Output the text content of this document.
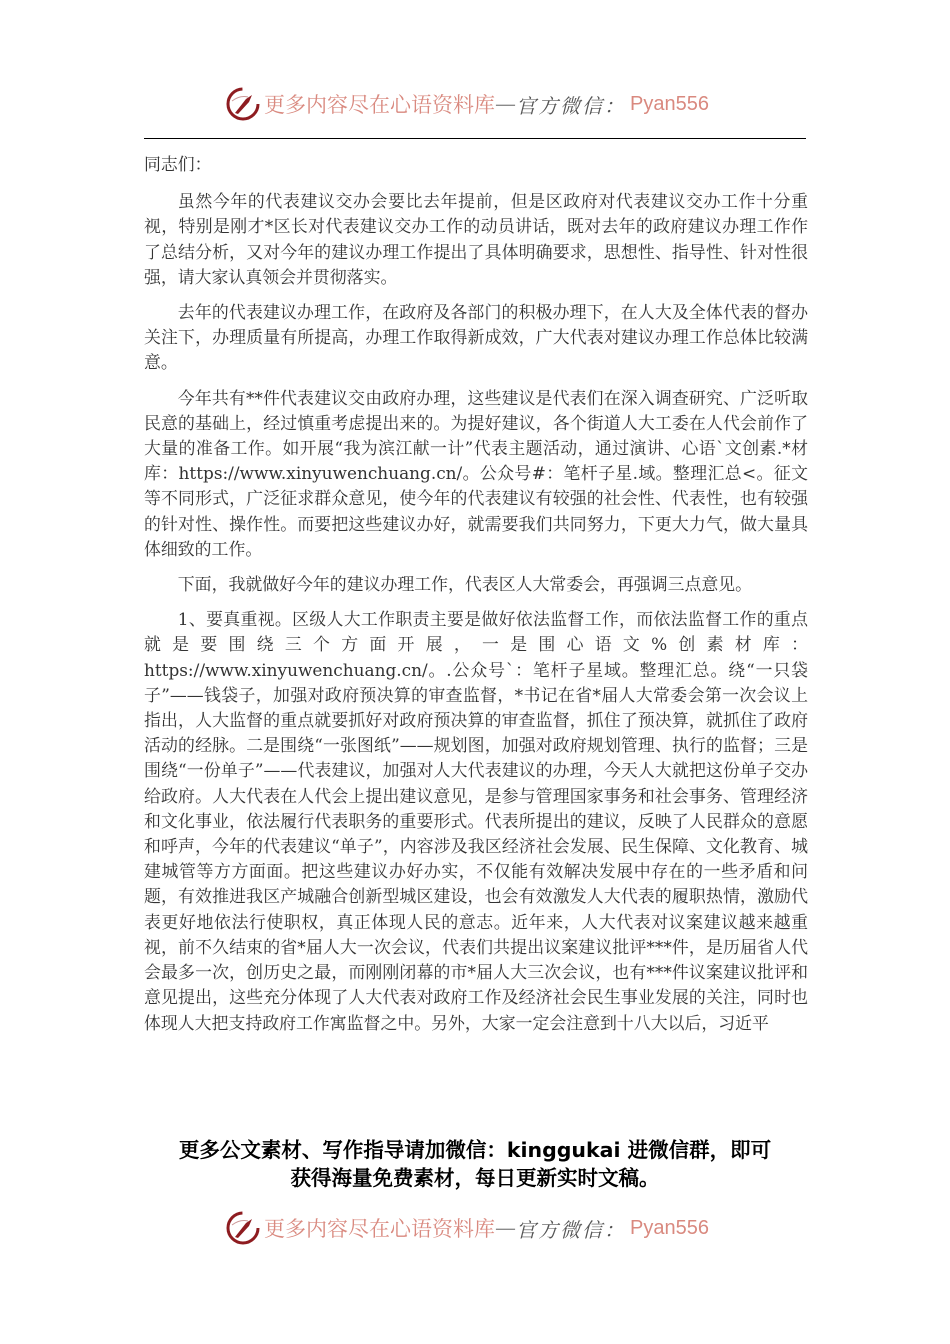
更多内容尽在心语资料库 — 官方微信： Pyan556

同志们：

虽然今年的代表建议交办会要比去年提前，但是区政府对代表建议交办工作十分重视，特别是刚才*区长对代表建议交办工作的动员讲话，既对去年的政府建议办理工作作了总结分析，又对今年的建议办理工作提出了具体明确要求，思想性、指导性、针对性很强，请大家认真领会并贯彻落实。

去年的代表建议办理工作，在政府及各部门的积极办理下，在人大及全体代表的督办关注下，办理质量有所提高，办理工作取得新成效，广大代表对建议办理工作总体比较满意。

今年共有**件代表建议交由政府办理，这些建议是代表们在深入调查研究、广泛听取民意的基础上，经过慎重考虑提出来的。为提好建议，各个街道人大工委在人代会前作了大量的准备工作。如开展“我为滨江献一计”代表主题活动，通过演讲、心语`文创素.*材库：https://www.xinyuwenchuang.cn/。公众号#：笔杆子星.域。整理汇总<。征文等不同形式，广泛征求群众意见，使今年的代表建议有较强的社会性、代表性，也有较强的针对性、操作性。而要把这些建议办好，就需要我们共同努力，下更大力气，做大量具体细致的工作。

下面，我就做好今年的建议办理工作，代表区人大常委会，再强调三点意见。

1、要真重视。区级人大工作职责主要是做好依法监督工作，而依法监督工作的重点就是要围绕三个方面开展，一是围心语文%创素材库：https://www.xinyuwenchuang.cn/。.公众号`：笔杆子星域。整理汇总。绕“一只袋子”——钱袋子，加强对政府预决算的审查监督，*书记在省*届人大常委会第一次会议上指出，人大监督的重点就要抓好对政府预决算的审查监督，抓住了预决算，就抓住了政府活动的经脉。二是围绕“一张图纸”——规划图，加强对政府规划管理、执行的监督；三是围绕“一份单子”——代表建议，加强对人大代表建议的办理，今天人大就把这份单子交办给政府。人大代表在人代会上提出建议意见，是参与管理国家事务和社会事务、管理经济和文化事业，依法履行代表职务的重要形式。代表所提出的建议，反映了人民群众的意愿和呼声，今年的代表建议“单子”，内容涉及我区经济社会发展、民生保障、文化教育、城建城管等方方面面。把这些建议办好办实，不仅能有效解决发展中存在的一些矛盾和问题，有效推进我区产城融合创新型城区建设，也会有效激发人大代表的履职热情，激励代表更好地依法行使职权，真正体现人民的意志。近年来，人大代表对议案建议越来越重视，前不久结束的省*届人大一次会议，代表们共提出议案建议批评***件，是历届省人代会最多一次，创历史之最，而刚刚闭幕的市*届人大三次会议，也有***件议案建议批评和意见提出，这些充分体现了人大代表对政府工作及经济社会民生事业发展的关注，同时也体现人大把支持政府工作寓监督之中。另外，大家一定会注意到十八大以后，习近平

更多公文素材、写作指导请加微信：kinggukai 进微信群，即可
获得海量免费素材，每日更新实时文稿。
更多内容尽在心语资料库 — 官方微信： Pyan556
